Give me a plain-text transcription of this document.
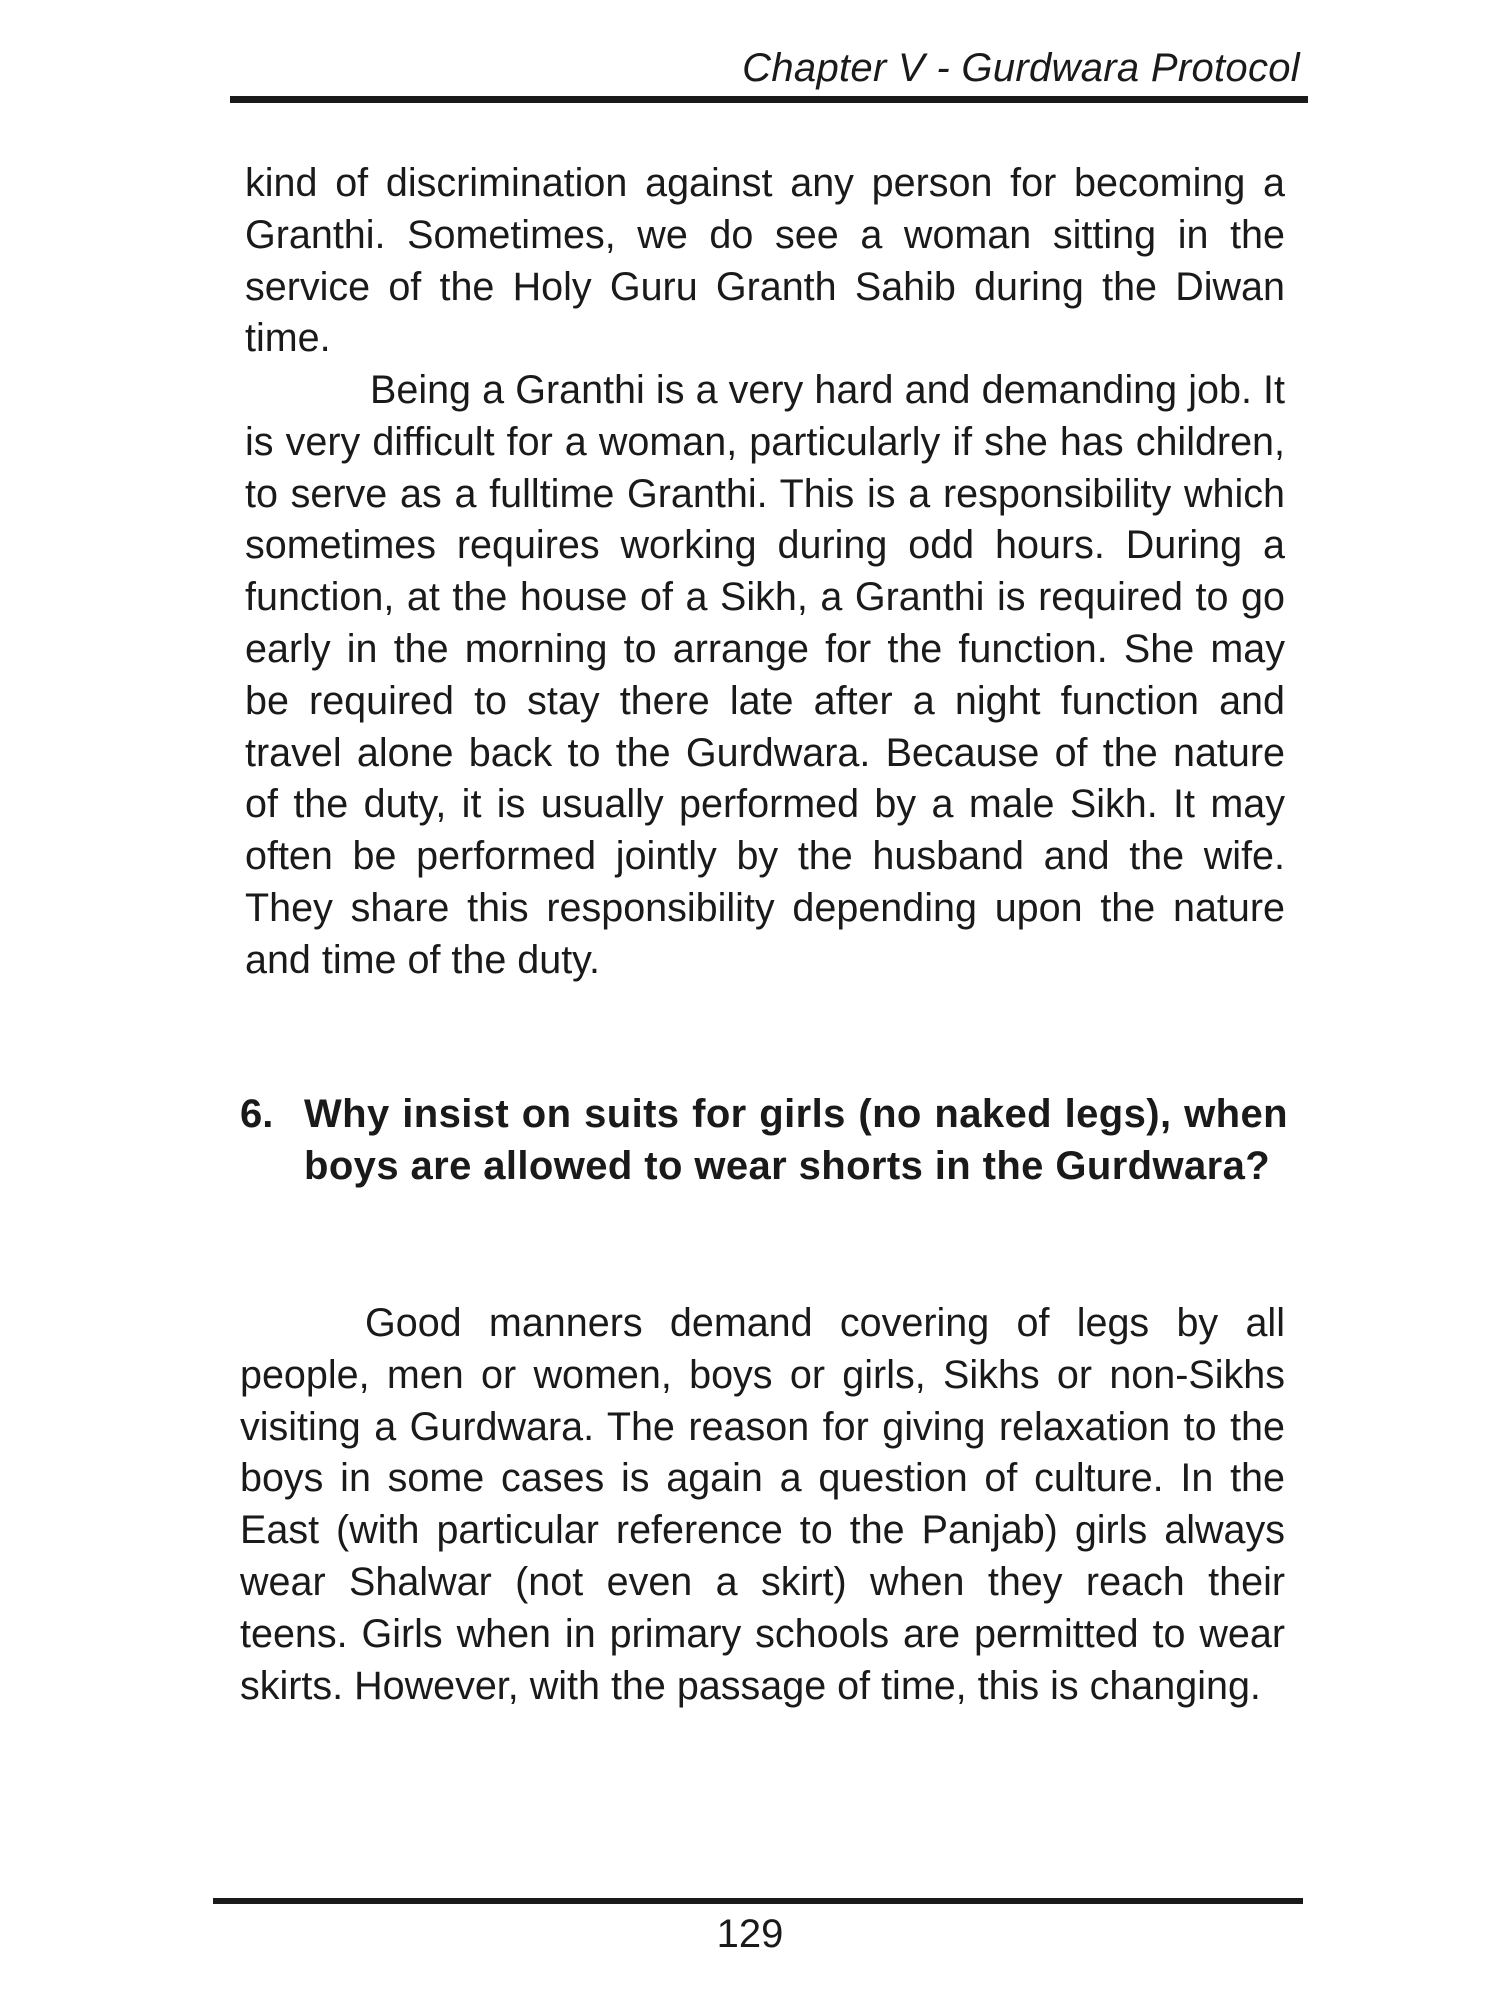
Chapter V - Gurdwara Protocol

kind of discrimination against any person for becoming a Granthi. Sometimes, we do see a woman sitting in the service of the Holy Guru Granth Sahib during the Diwan time.

Being a Granthi is a very hard and demanding job. It is very difficult for a woman, particularly if she has children, to serve as a fulltime Granthi. This is a responsibility which sometimes requires working during odd hours. During a function, at the house of a Sikh, a Granthi is required to go early in the morning to arrange for the function. She may be required to stay there late after a night function and travel alone back to the Gurdwara. Because of the nature of the duty, it is usually performed by a male Sikh. It may often be performed jointly by the husband and the wife. They share this responsibility depending upon the nature and time of the duty.

6. Why insist on suits for girls (no naked legs), when boys are allowed to wear shorts in the Gurdwara?

Good manners demand covering of legs by all people, men or women, boys or girls, Sikhs or non-Sikhs visiting a Gurdwara. The reason for giving relaxation to the boys in some cases is again a question of culture. In the East (with particular reference to the Panjab) girls always wear Shalwar (not even a skirt) when they reach their teens. Girls when in primary schools are permitted to wear skirts. However, with the passage of time, this is changing.

129
